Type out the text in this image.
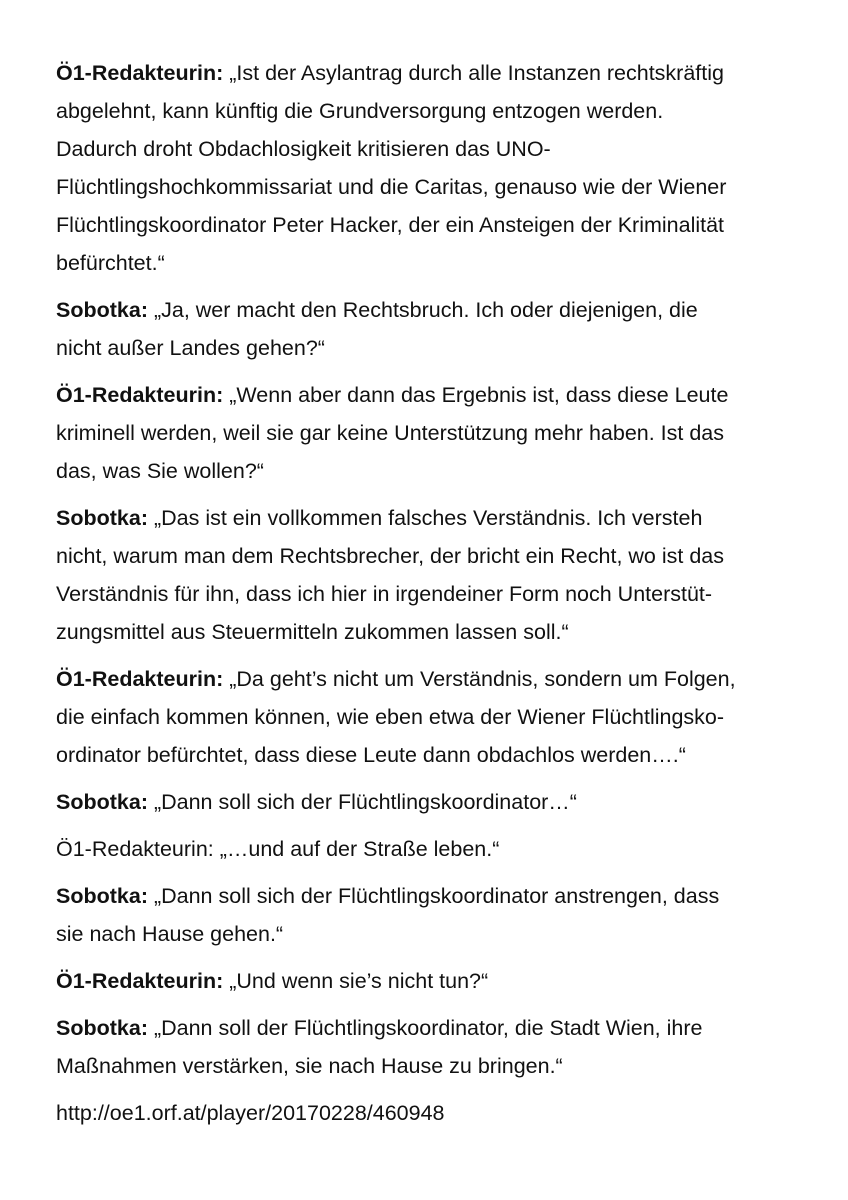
Ö1-Redakteurin: „Ist der Asylantrag durch alle Instanzen rechtskräftig
abgelehnt, kann künftig die Grundversorgung entzogen werden.
Dadurch droht Obdachlosigkeit kritisieren das UNO-
Flüchtlingshochkommissariat und die Caritas, genauso wie der Wiener
Flüchtlingskoordinator Peter Hacker, der ein Ansteigen der Kriminalität
befürchtet.“
Sobotka: „Ja, wer macht den Rechtsbruch. Ich oder diejenigen, die
nicht außer Landes gehen?“
Ö1-Redakteurin: „Wenn aber dann das Ergebnis ist, dass diese Leute
kriminell werden, weil sie gar keine Unterstützung mehr haben. Ist das
das, was Sie wollen?“
Sobotka: „Das ist ein vollkommen falsches Verständnis. Ich versteh
nicht, warum man dem Rechtsbrecher, der bricht ein Recht, wo ist das
Verständnis für ihn, dass ich hier in irgendeiner Form noch Unterstüt-
zungsmittel aus Steuermitteln zukommen lassen soll.“
Ö1-Redakteurin: „Da geht’s nicht um Verständnis, sondern um Folgen,
die einfach kommen können, wie eben etwa der Wiener Flüchtlingsko-
ordinator befürchtet, dass diese Leute dann obdachlos werden….“
Sobotka: „Dann soll sich der Flüchtlingskoordinator…“
Ö1-Redakteurin: „…und auf der Straße leben.“
Sobotka: „Dann soll sich der Flüchtlingskoordinator anstrengen, dass
sie nach Hause gehen.“
Ö1-Redakteurin: „Und wenn sie’s nicht tun?“
Sobotka: „Dann soll der Flüchtlingskoordinator, die Stadt Wien, ihre
Maßnahmen verstärken, sie nach Hause zu bringen.“
http://oe1.orf.at/player/20170228/460948
